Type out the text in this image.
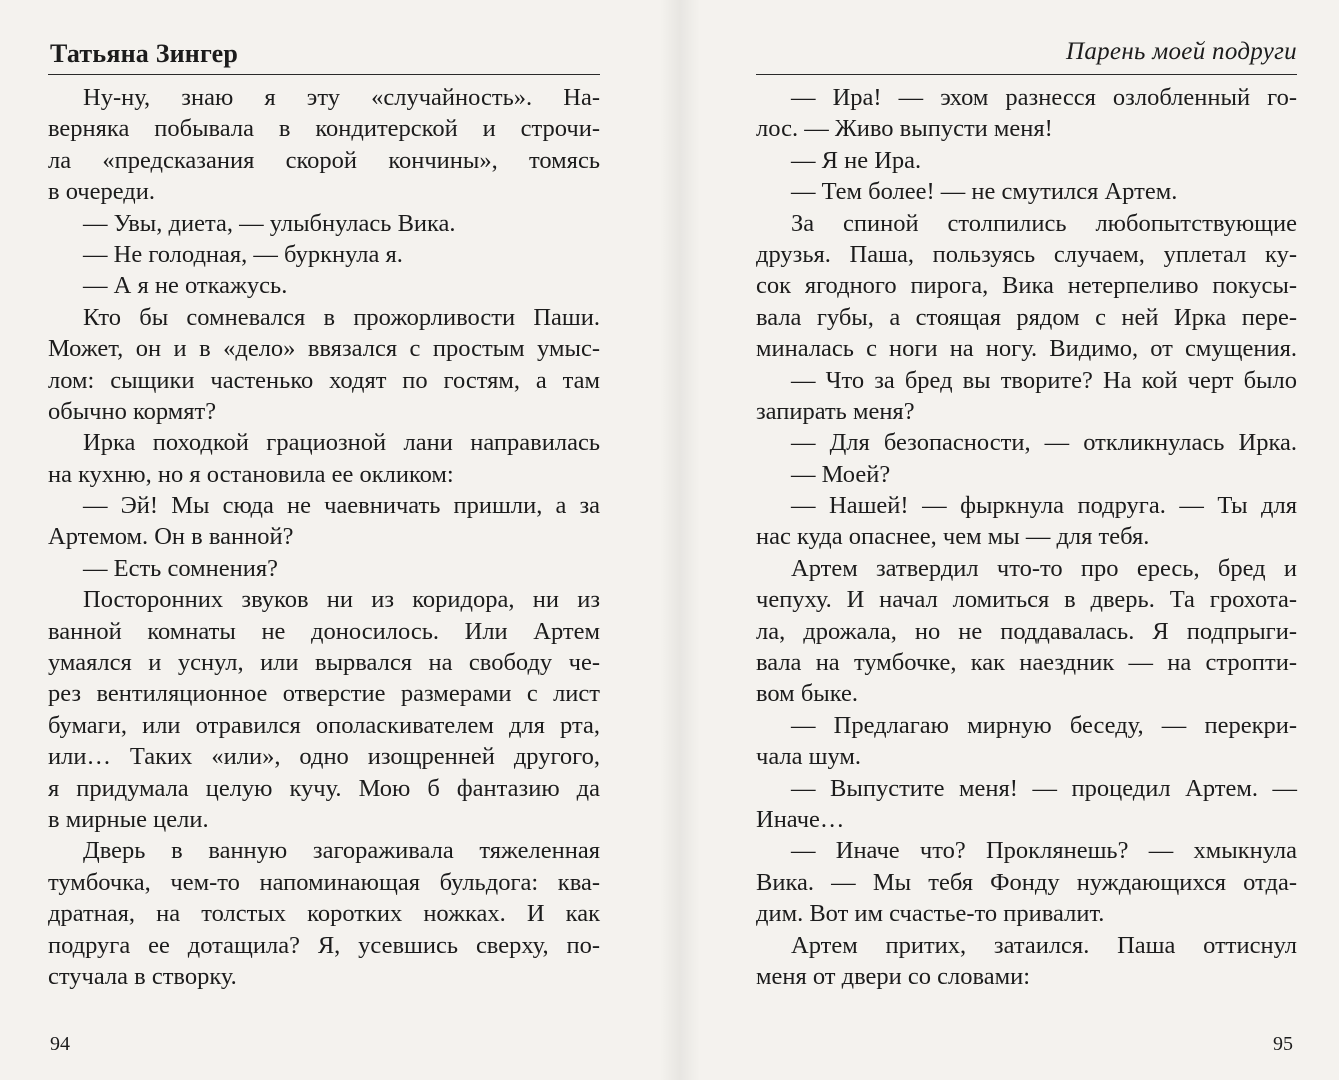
Татьяна Зингер
Ну-ну, знаю я эту «случайность». На-
верняка побывала в кондитерской и строчи-
ла «предсказания скорой кончины», томясь
в очереди.
— Увы, диета, — улыбнулась Вика.
— Не голодная, — буркнула я.
— А я не откажусь.
Кто бы сомневался в прожорливости Паши.
Может, он и в «дело» ввязался с простым умыс-
лом: сыщики частенько ходят по гостям, а там
обычно кормят?
Ирка походкой грациозной лани направилась
на кухню, но я остановила ее окликом:
— Эй! Мы сюда не чаевничать пришли, а за
Артемом. Он в ванной?
— Есть сомнения?
Посторонних звуков ни из коридора, ни из
ванной комнаты не доносилось. Или Артем
умаялся и уснул, или вырвался на свободу че-
рез вентиляционное отверстие размерами с лист
бумаги, или отравился ополаскивателем для рта,
или… Таких «или», одно изощренней другого,
я придумала целую кучу. Мою б фантазию да
в мирные цели.
Дверь в ванную загораживала тяжеленная
тумбочка, чем-то напоминающая бульдога: ква-
дратная, на толстых коротких ножках. И как
подруга ее дотащила? Я, усевшись сверху, по-
стучала в створку.
94
Парень моей подруги
— Ира! — эхом разнесся озлобленный го-
лос. — Живо выпусти меня!
— Я не Ира.
— Тем более! — не смутился Артем.
За спиной столпились любопытствующие
друзья. Паша, пользуясь случаем, уплетал ку-
сок ягодного пирога, Вика нетерпеливо покусы-
вала губы, а стоящая рядом с ней Ирка пере-
миналась с ноги на ногу. Видимо, от смущения.
— Что за бред вы творите? На кой черт было
запирать меня?
— Для безопасности, — откликнулась Ирка.
— Моей?
— Нашей! — фыркнула подруга. — Ты для
нас куда опаснее, чем мы — для тебя.
Артем затвердил что-то про ересь, бред и
чепуху. И начал ломиться в дверь. Та грохота-
ла, дрожала, но не поддавалась. Я подпрыги-
вала на тумбочке, как наездник — на стропти-
вом быке.
— Предлагаю мирную беседу, — перекри-
чала шум.
— Выпустите меня! — процедил Артем. —
Иначе…
— Иначе что? Проклянешь? — хмыкнула
Вика. — Мы тебя Фонду нуждающихся отда-
дим. Вот им счастье-то привалит.
Артем притих, затаился. Паша оттиснул
меня от двери со словами:
95
